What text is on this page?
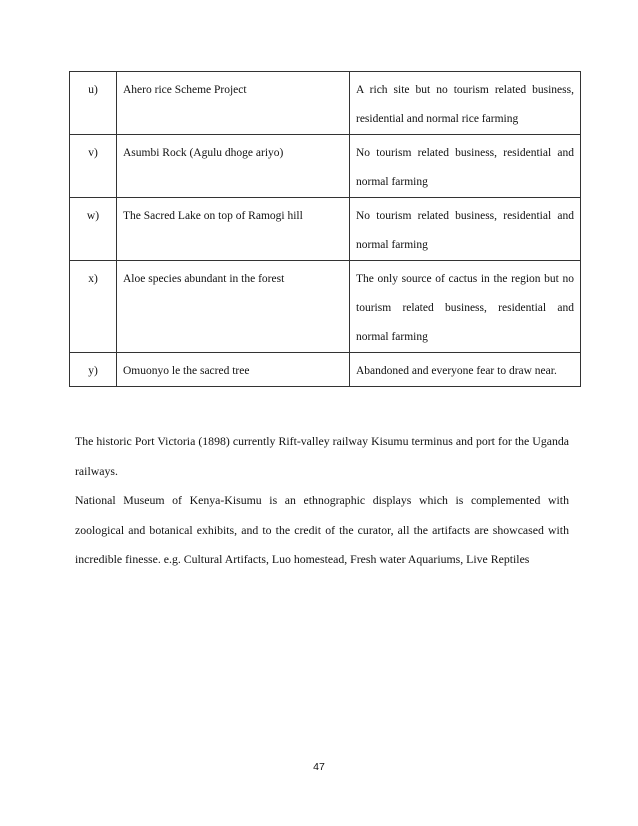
u)	Ahero rice Scheme Project	A rich site but no tourism related business, residential and normal rice farming
v)	Asumbi Rock (Agulu dhoge ariyo)	No tourism related business, residential and normal farming
w)	The Sacred Lake on top of Ramogi hill	No tourism related business, residential and normal farming
x)	Aloe species abundant in the forest	The only source of cactus in the region but no tourism related business, residential and normal farming
y)	Omuonyo le the sacred tree	Abandoned and everyone fear to draw near.

The historic Port Victoria (1898) currently Rift-valley railway Kisumu terminus and port for the Uganda railways.

National Museum of Kenya-Kisumu is an ethnographic displays which is complemented with zoological and botanical exhibits, and to the credit of the curator, all the artifacts are showcased with incredible finesse. e.g. Cultural Artifacts, Luo homestead, Fresh water Aquariums, Live Reptiles

47
